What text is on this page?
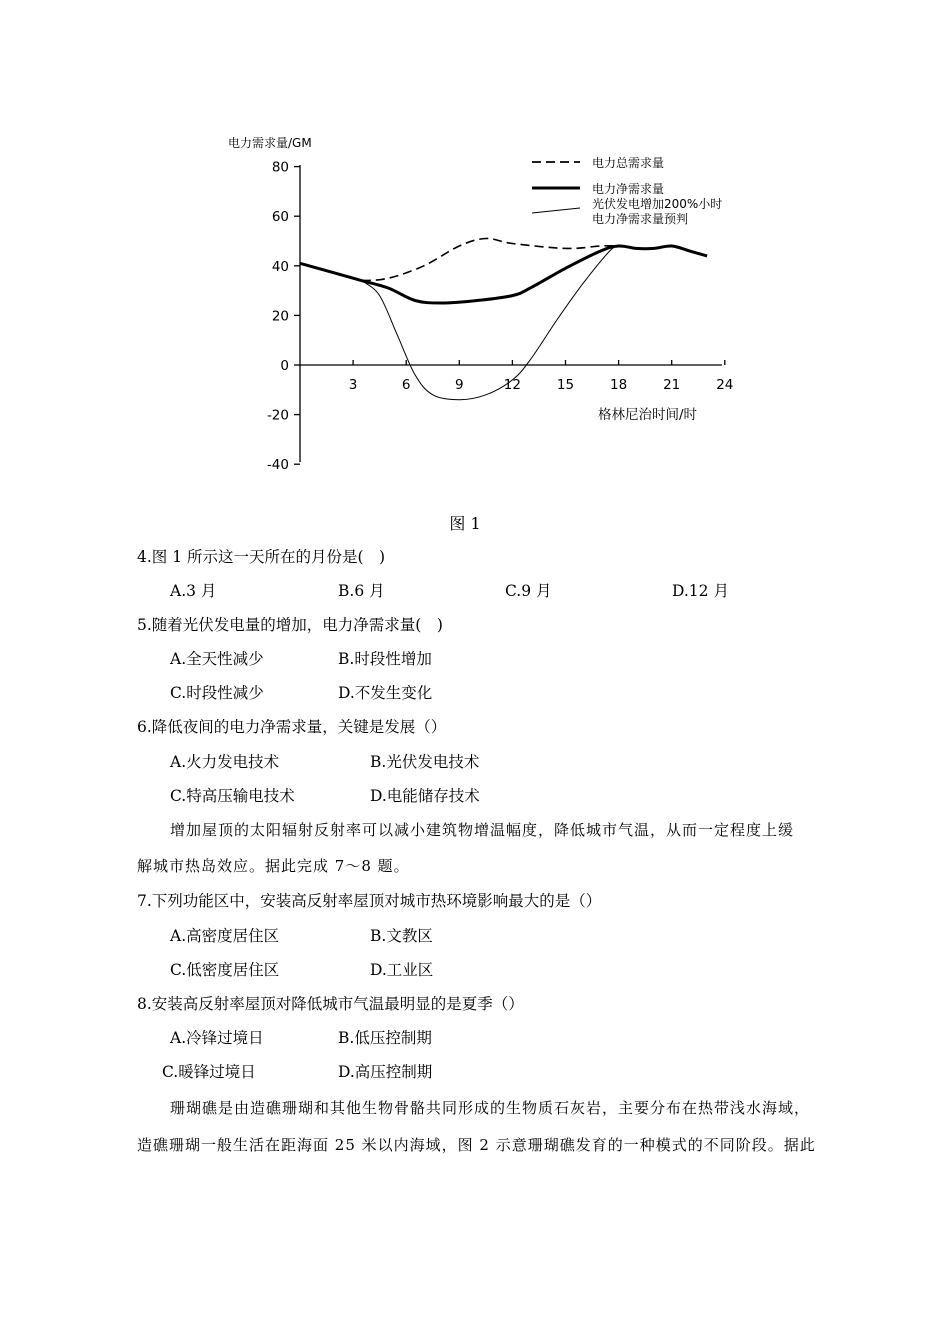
电力需求量/GM
80
60
40
20
0
-20
-40
3	6	9	12	15	18	21	24
格林尼治时间/时
电力总需求量
电力净需求量
光伏发电增加200%小时
电力净需求量预判
图 1
4.图 1 所示这一天所在的月份是(　)
A.3 月	B.6 月	C.9 月	D.12 月
5.随着光伏发电量的增加，电力净需求量(　)
A.全天性减少	B.时段性增加
C.时段性减少	D.不发生变化
6.降低夜间的电力净需求量，关键是发展（）
A.火力发电技术	B.光伏发电技术
C.特高压输电技术	D.电能储存技术
增加屋顶的太阳辐射反射率可以减小建筑物增温幅度，降低城市气温，从而一定程度上缓
解城市热岛效应。据此完成 7～8 题。
7.下列功能区中，安装高反射率屋顶对城市热环境影响最大的是（）
A.高密度居住区	B.文教区
C.低密度居住区	D.工业区
8.安装高反射率屋顶对降低城市气温最明显的是夏季（）
A.冷锋过境日	B.低压控制期
C.暖锋过境日	D.高压控制期
珊瑚礁是由造礁珊瑚和其他生物骨骼共同形成的生物质石灰岩，主要分布在热带浅水海域，
造礁珊瑚一般生活在距海面 25 米以内海域，图 2 示意珊瑚礁发育的一种模式的不同阶段。据此
